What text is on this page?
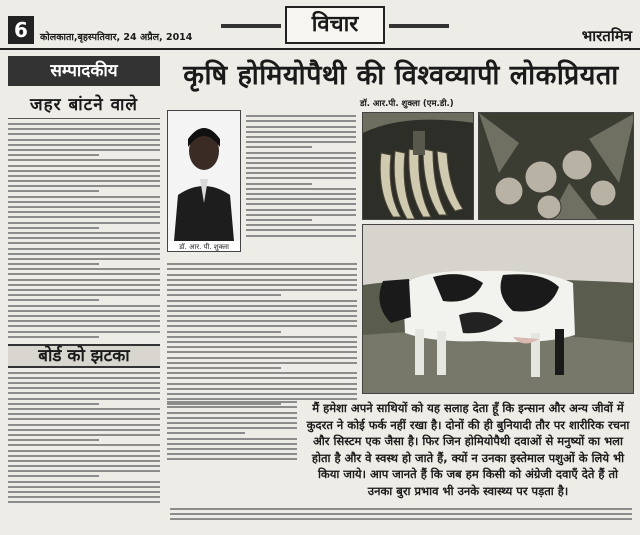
6	कोलकाता,बृहस्पतिवार, 24 अप्रैल, 2014
विचार	भारतमित्र
सम्पादकीय
जहर बांटने वाले
बोर्ड को झटका
कृषि होमियोपैथी की विश्वव्यापी लोकप्रियता
डॉ. आर.पी. शुक्ला (एम.डी.)
डॉ. आर. पी. शुक्ला
मैं हमेशा अपने साथियों को यह सलाह देता हूँ कि इन्सान और अन्य जीवों में कुदरत ने कोई फर्क नहीं रखा है। दोनों की ही बुनियादी तौर पर शारीरिक रचना और सिस्टम एक जैसा है। फिर जिन होमियोपैथी दवाओं से मनुष्यों का भला होता है और वे स्वस्थ हो जाते हैं, क्यों न उनका इस्तेमाल पशुओं के लिये भी किया जाये। आप जानते हैं कि जब हम किसी को अंग्रेजी दवाएँ देते हैं तो उनका बुरा प्रभाव भी उनके स्वास्थ्य पर पड़ता है।
